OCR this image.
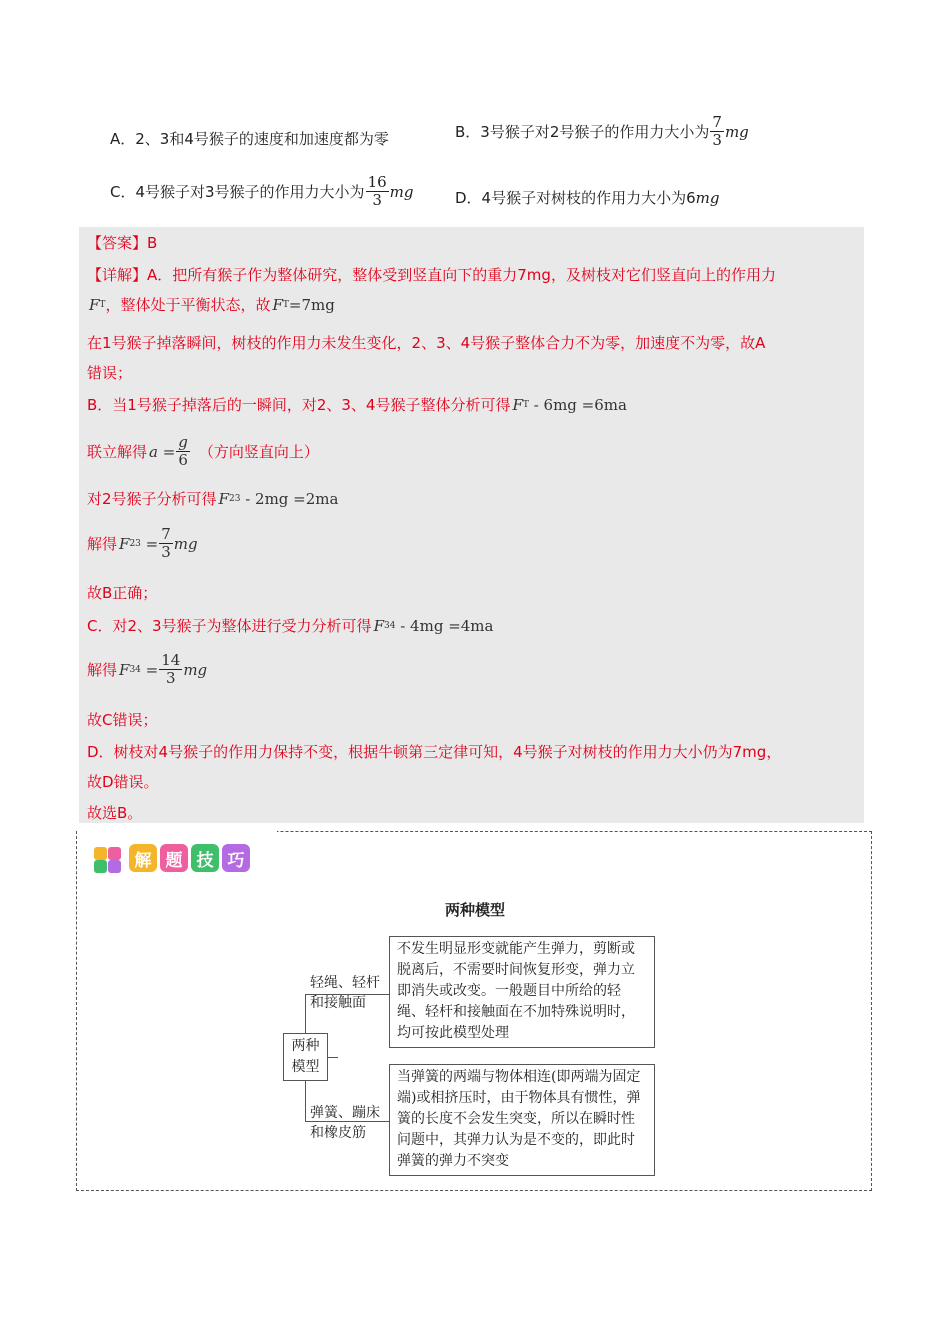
A．2、3和4号猴子的速度和加速度都为零	B．3号猴子对2号猴子的作用力大小为 $\frac{7}{3}$ mg
C．4号猴子对3号猴子的作用力大小为 $\frac{16}{3}$ mg	D．4号猴子对树枝的作用力大小为6 mg
【答案】B
【详解】A．把所有猴子作为整体研究，整体受到竖直向下的重力7mg，及树枝对它们竖直向上的作用力
F T ，整体处于平衡状态，故 F T =7mg
在1号猴子掉落瞬间，树枝的作用力未发生变化，2、3、4号猴子整体合力不为零，加速度不为零，故A
错误；
B．当1号猴子掉落后的一瞬间，对2、3、4号猴子整体分析可得 F T
- 6mg =6ma
联立解得 $a = \frac{g}{6}$ （方向竖直向上）
对2号猴子分析可得 F 23
- 2mg =2ma
解得 F $23 = \frac{7}{3}$ mg
故B正确；
C．对2、3号猴子为整体进行受力分析可得 F 34
- 4mg =4ma
解得 F $34 = \frac{14}{3}$ mg
故C错误；
D．树枝对4号猴子的作用力保持不变，根据牛顿第三定律可知，4号猴子对树枝的作用力大小仍为7mg，
故D错误。
故选B。
解 题 技 巧
两种模型
两种模型
轻绳、轻杆和接触面
弹簧、蹦床和橡皮筋
不发生明显形变就能产生弹力，剪断或脱离后，不需要时间恢复形变，弹力立即消失或改变。一般题目中所给的轻绳、轻杆和接触面在不加特殊说明时，均可按此模型处理
当弹簧的两端与物体相连(即两端为固定端)或相挤压时，由于物体具有惯性，弹簧的长度不会发生突变，所以在瞬时性问题中，其弹力认为是不变的，即此时弹簧的弹力不突变
